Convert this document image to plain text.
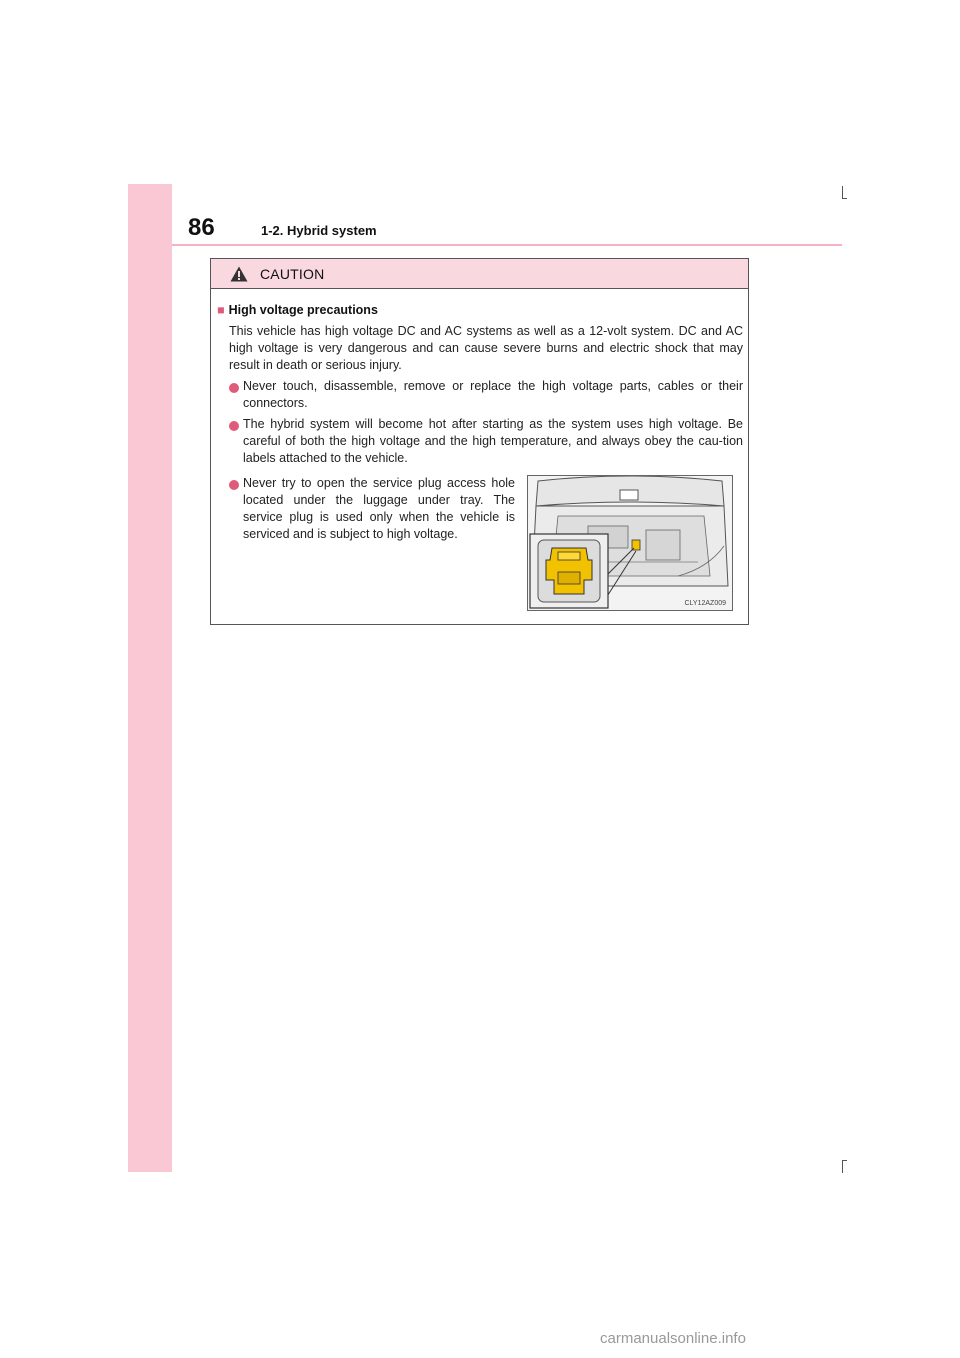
86	1-2. Hybrid system
CAUTION
■ High voltage precautions
This vehicle has high voltage DC and AC systems as well as a 12-volt system. DC and AC high voltage is very dangerous and can cause severe burns and electric shock that may result in death or serious injury.
Never touch, disassemble, remove or replace the high voltage parts, cables or their connectors.
The hybrid system will become hot after starting as the system uses high voltage. Be careful of both the high voltage and the high temperature, and always obey the cau-tion labels attached to the vehicle.
Never try to open the service plug access hole located under the luggage under tray. The service plug is used only when the vehicle is serviced and is subject to high voltage.
CLY12AZ009
carmanualsonline.info
